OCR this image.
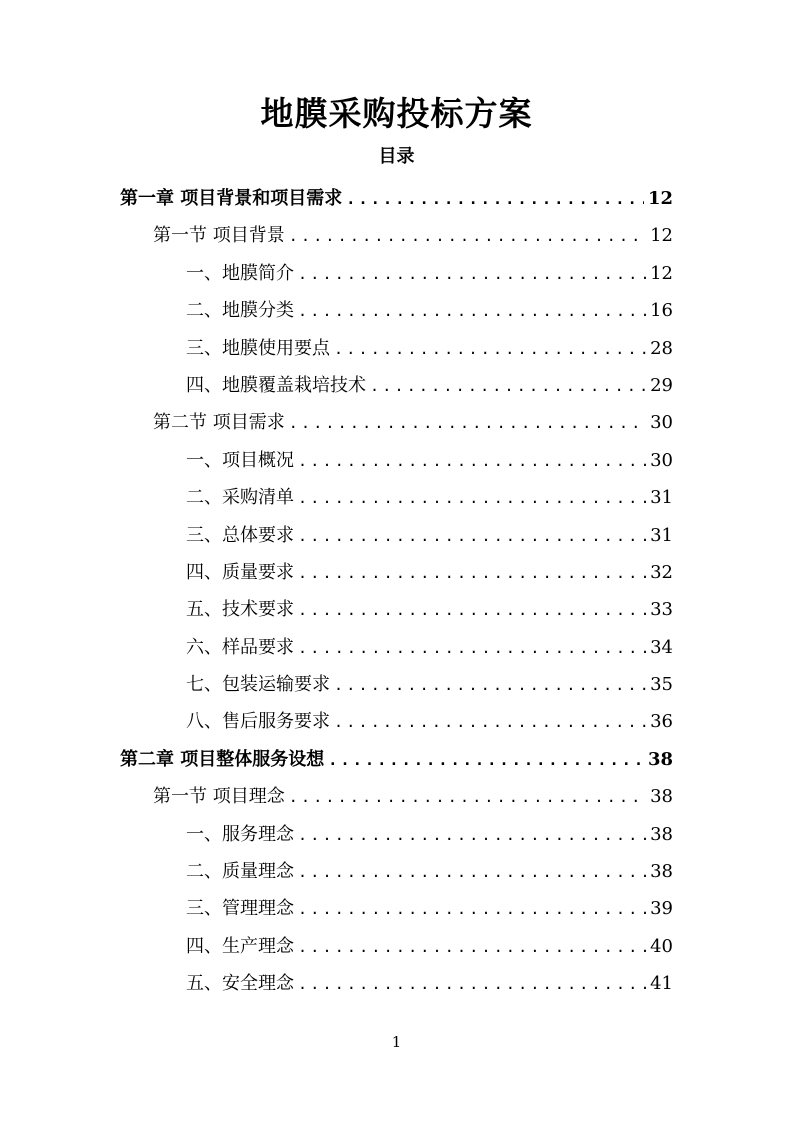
地膜采购投标方案
目录
第一章 项目背景和项目需求 .....	12
第一节 项目背景 .....	12
一、地膜简介 .....	12
二、地膜分类 .....	16
三、地膜使用要点 .....	28
四、地膜覆盖栽培技术 .....	29
第二节 项目需求 .....	30
一、项目概况 .....	30
二、采购清单 .....	31
三、总体要求 .....	31
四、质量要求 .....	32
五、技术要求 .....	33
六、样品要求 .....	34
七、包装运输要求 .....	35
八、售后服务要求 .....	36
第二章 项目整体服务设想 .....	38
第一节 项目理念 .....	38
一、服务理念 .....	38
二、质量理念 .....	38
三、管理理念 .....	39
四、生产理念 .....	40
五、安全理念 .....	41
1
